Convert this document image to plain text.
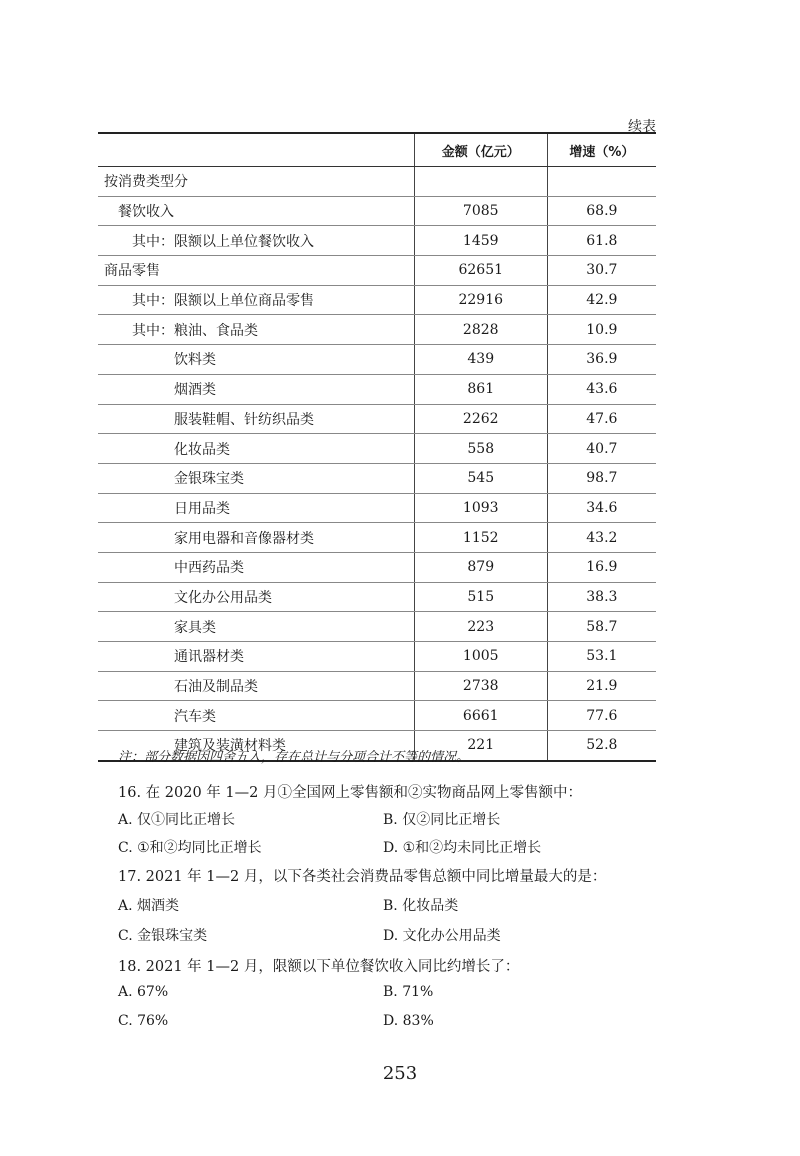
续表
	金额（亿元）	增速（%）
按消费类型分		
餐饮收入	7085	68.9
其中：限额以上单位餐饮收入	1459	61.8
商品零售	62651	30.7
其中：限额以上单位商品零售	22916	42.9
其中：粮油、食品类	2828	10.9
饮料类	439	36.9
烟酒类	861	43.6
服装鞋帽、针纺织品类	2262	47.6
化妆品类	558	40.7
金银珠宝类	545	98.7
日用品类	1093	34.6
家用电器和音像器材类	1152	43.2
中西药品类	879	16.9
文化办公用品类	515	38.3
家具类	223	58.7
通讯器材类	1005	53.1
石油及制品类	2738	21.9
汽车类	6661	77.6
建筑及装潢材料类	221	52.8
注：部分数据因四舍五入，存在总计与分项合计不等的情况。
16. 在 2020 年 1—2 月①全国网上零售额和②实物商品网上零售额中：
A. 仅①同比正增长	B. 仅②同比正增长
C. ①和②均同比正增长	D. ①和②均未同比正增长
17. 2021 年 1—2 月，以下各类社会消费品零售总额中同比增量最大的是：
A. 烟酒类	B. 化妆品类
C. 金银珠宝类	D. 文化办公用品类
18. 2021 年 1—2 月，限额以下单位餐饮收入同比约增长了：
A. 67%	B. 71%
C. 76%	D. 83%
253
